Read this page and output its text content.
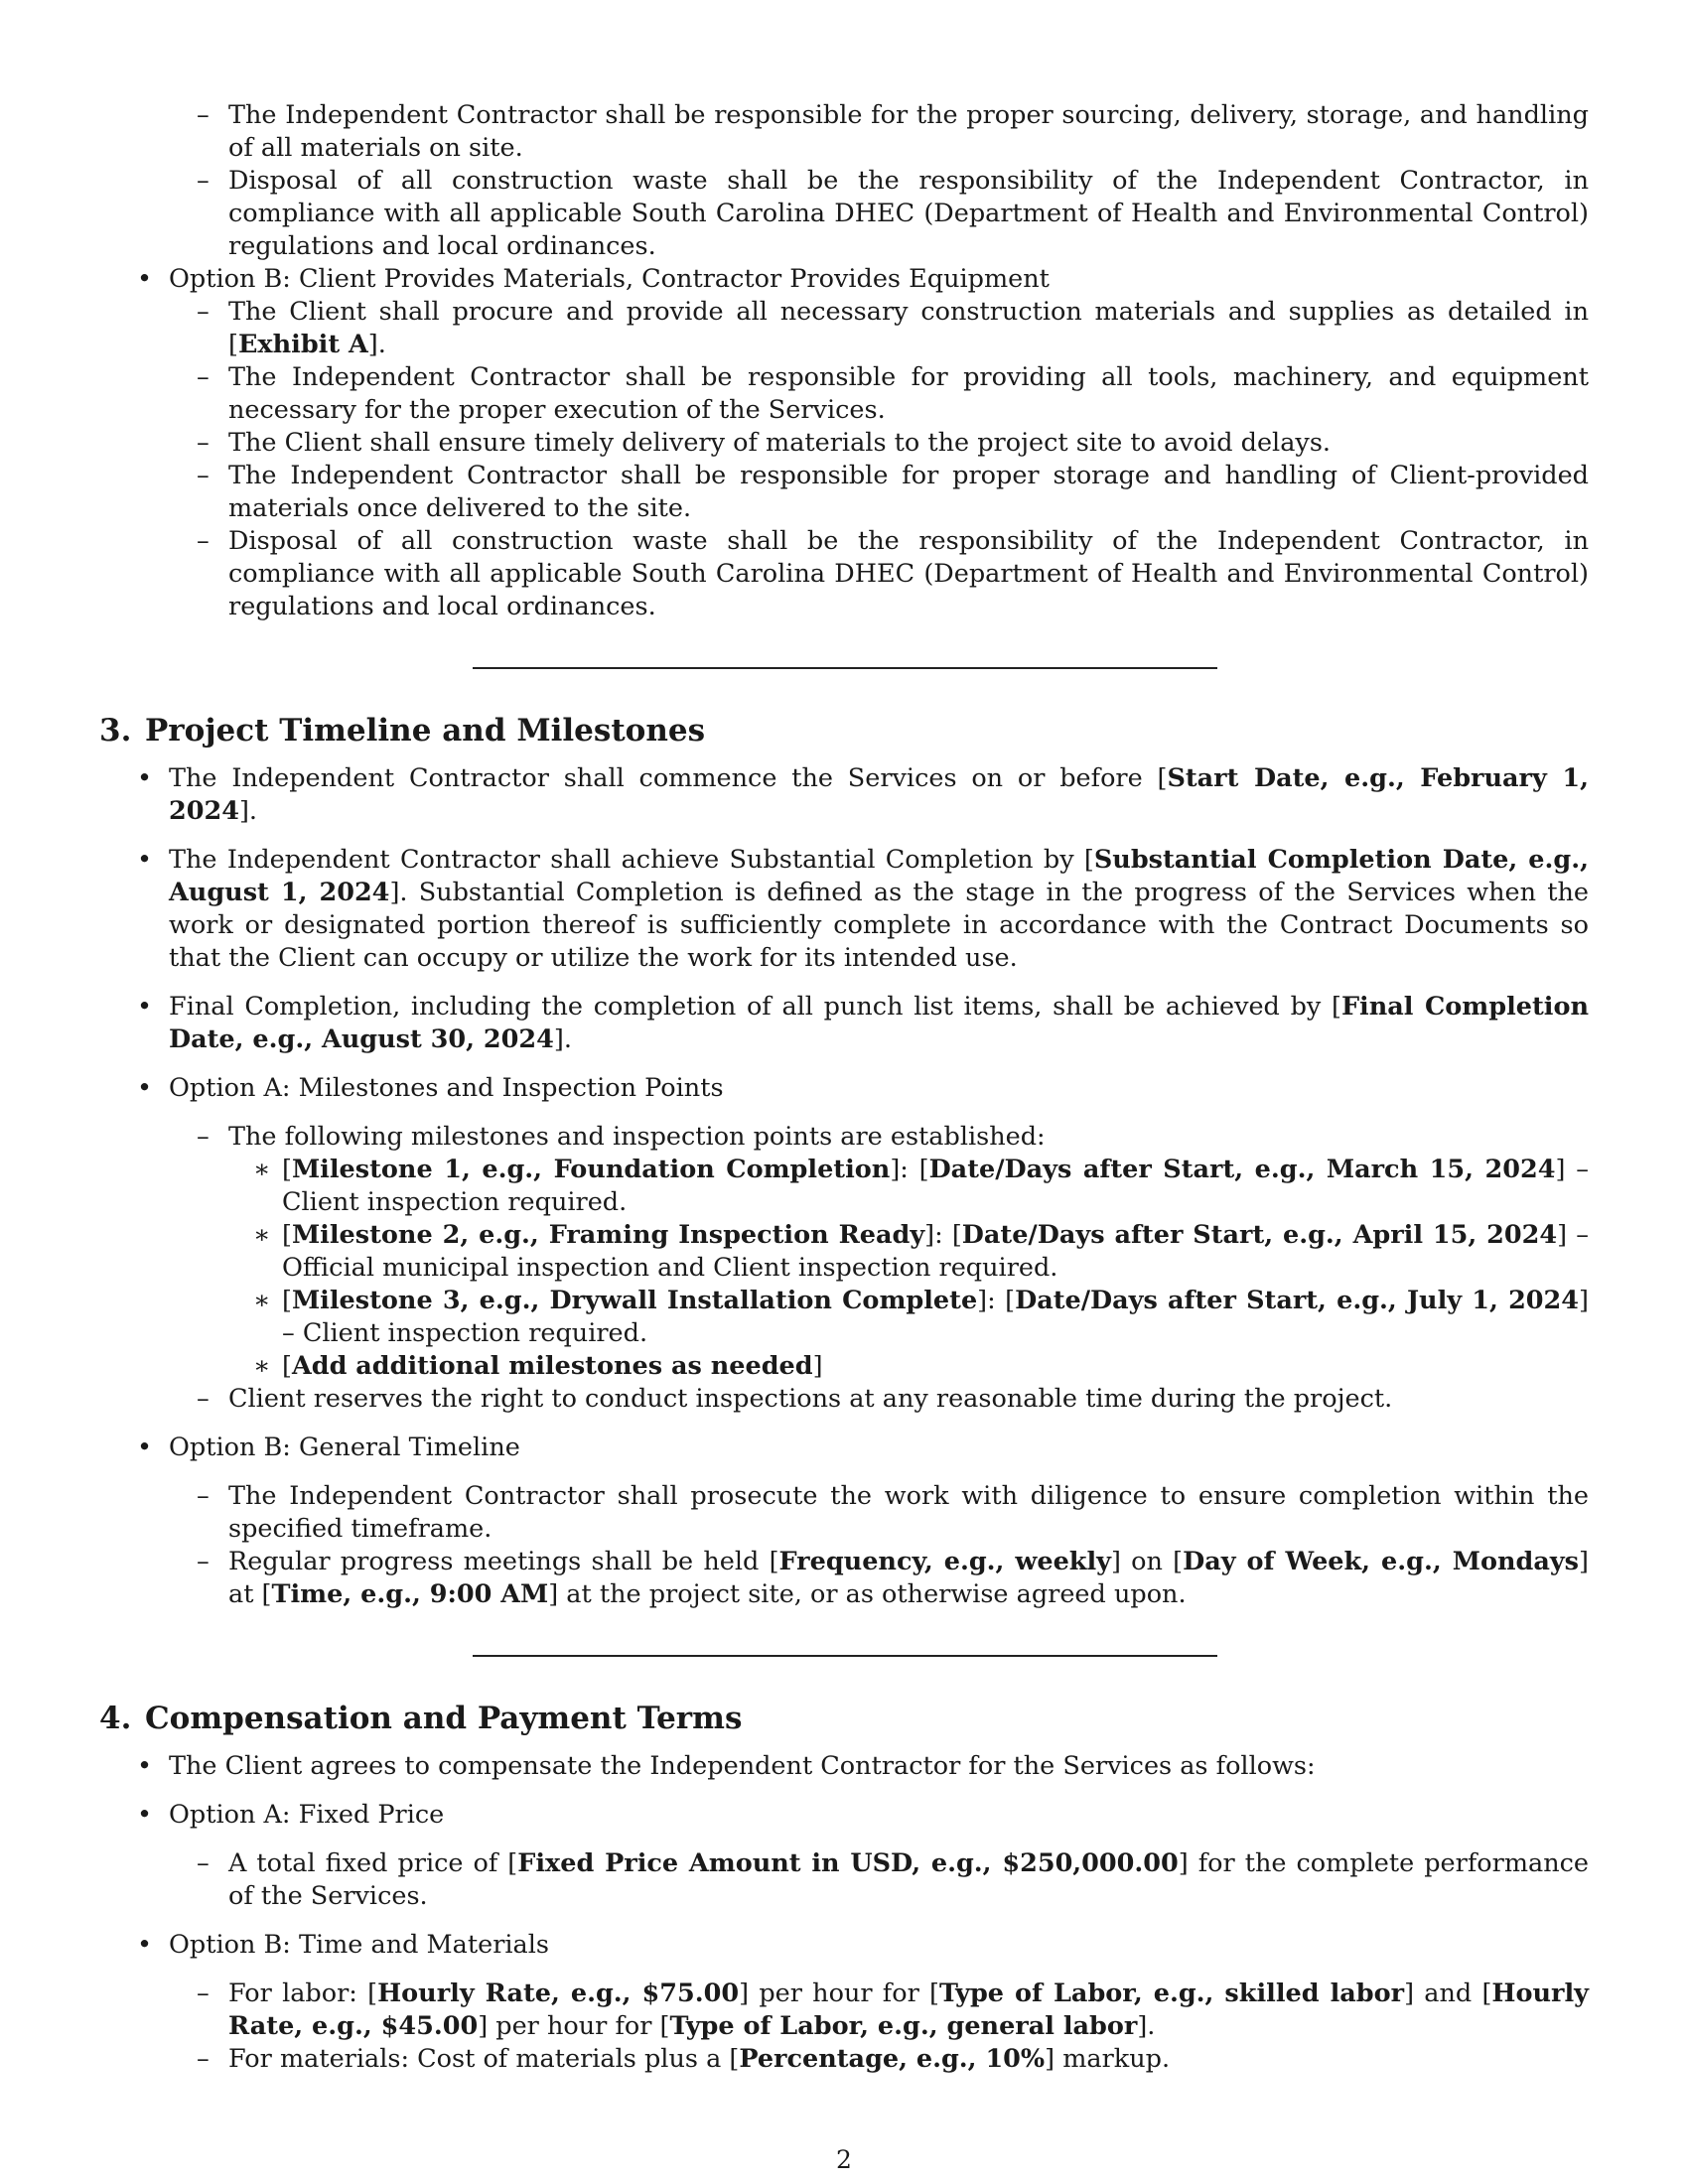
– The Independent Contractor shall be responsible for the proper sourcing, delivery, storage, and handling of all materials on site.
– Disposal of all construction waste shall be the responsibility of the Independent Contractor, in compliance with all applicable South Carolina DHEC (Department of Health and Environmental Control) regulations and local ordinances.
• Option B: Client Provides Materials, Contractor Provides Equipment
– The Client shall procure and provide all necessary construction materials and supplies as detailed in [Exhibit A].
– The Independent Contractor shall be responsible for providing all tools, machinery, and equipment necessary for the proper execution of the Services.
– The Client shall ensure timely delivery of materials to the project site to avoid delays.
– The Independent Contractor shall be responsible for proper storage and handling of Client-provided materials once delivered to the site.
– Disposal of all construction waste shall be the responsibility of the Independent Contractor, in compliance with all applicable South Carolina DHEC (Department of Health and Environmental Control) regulations and local ordinances.
3. Project Timeline and Milestones
• The Independent Contractor shall commence the Services on or before [Start Date, e.g., February 1, 2024].
• The Independent Contractor shall achieve Substantial Completion by [Substantial Completion Date, e.g., August 1, 2024]. Substantial Completion is defined as the stage in the progress of the Services when the work or designated portion thereof is sufficiently complete in accordance with the Contract Documents so that the Client can occupy or utilize the work for its intended use.
• Final Completion, including the completion of all punch list items, shall be achieved by [Final Completion Date, e.g., August 30, 2024].
• Option A: Milestones and Inspection Points
– The following milestones and inspection points are established:
∗ [Milestone 1, e.g., Foundation Completion]: [Date/Days after Start, e.g., March 15, 2024] – Client inspection required.
∗ [Milestone 2, e.g., Framing Inspection Ready]: [Date/Days after Start, e.g., April 15, 2024] – Official municipal inspection and Client inspection required.
∗ [Milestone 3, e.g., Drywall Installation Complete]: [Date/Days after Start, e.g., July 1, 2024] – Client inspection required.
∗ [Add additional milestones as needed]
– Client reserves the right to conduct inspections at any reasonable time during the project.
• Option B: General Timeline
– The Independent Contractor shall prosecute the work with diligence to ensure completion within the specified timeframe.
– Regular progress meetings shall be held [Frequency, e.g., weekly] on [Day of Week, e.g., Mondays] at [Time, e.g., 9:00 AM] at the project site, or as otherwise agreed upon.
4. Compensation and Payment Terms
• The Client agrees to compensate the Independent Contractor for the Services as follows:
• Option A: Fixed Price
– A total fixed price of [Fixed Price Amount in USD, e.g., $250,000.00] for the complete performance of the Services.
• Option B: Time and Materials
– For labor: [Hourly Rate, e.g., $75.00] per hour for [Type of Labor, e.g., skilled labor] and [Hourly Rate, e.g., $45.00] per hour for [Type of Labor, e.g., general labor].
– For materials: Cost of materials plus a [Percentage, e.g., 10%] markup.
2
